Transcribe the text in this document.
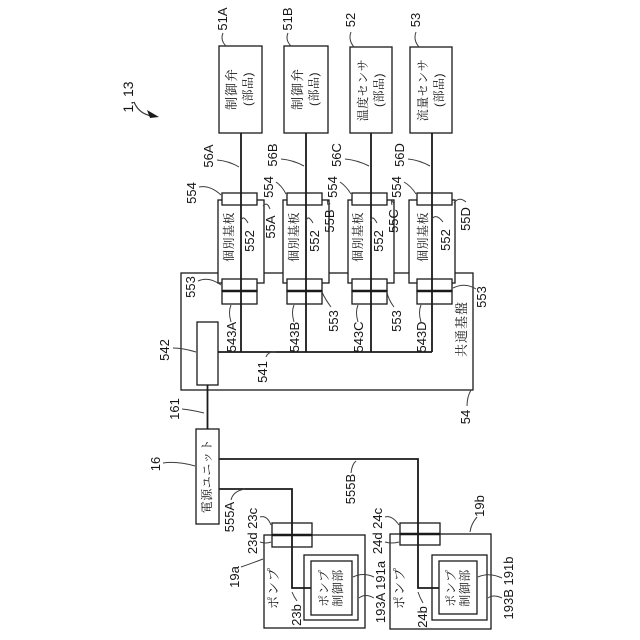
1, 13
51A	51B	52	53
制御弁 (部品)	制御弁 (部品)	温度センサ (部品)	流量センサ (部品)
56A	56B	56C	56D
554	554	554	554
個別基板	個別基板	個別基板	個別基板
552	552	552	552
55A	55B	55C	55D
553
553	553
553
543A	543B	543C	543D
541
542	共通基盤
54
161
16	電源ユニット
555A
555B
23d 23c
23b
19a ポンプ	ポンプ 制御部 193A 191a
24d 24c
24b
19b
ポンプ	ポンプ 制御部 193B 191b
